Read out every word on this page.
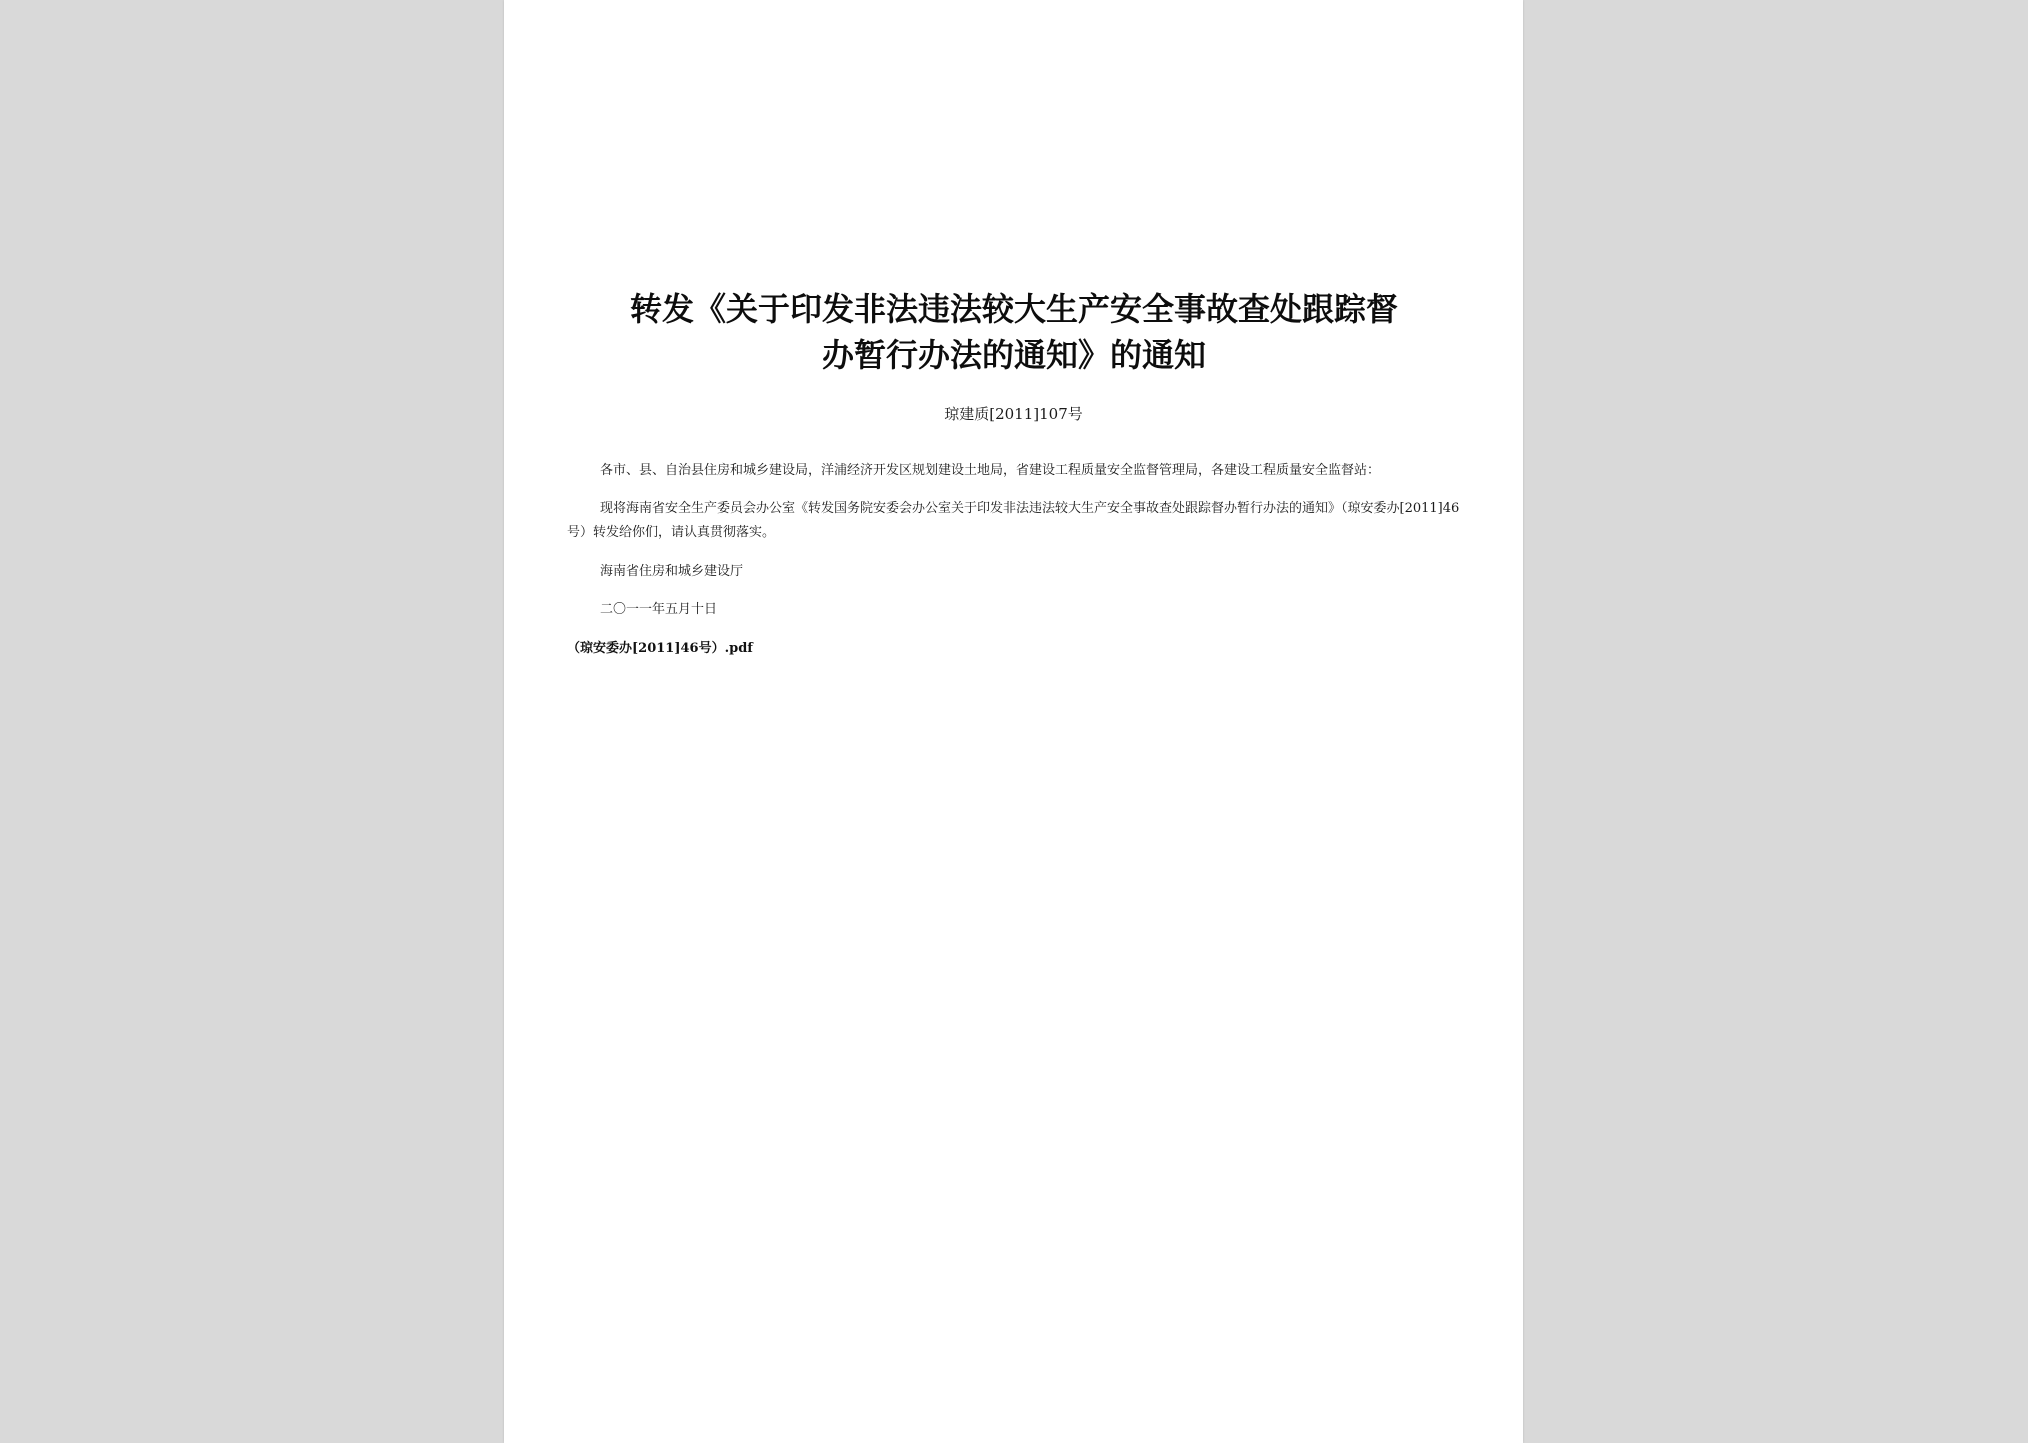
转发《关于印发非法违法较大生产安全事故查处跟踪督
办暂行办法的通知》的通知
琼建质[2011]107号

各市、县、自治县住房和城乡建设局，洋浦经济开发区规划建设土地局，省建设工程质量安全监督管理局，各建设工程质量安全监督站：

现将海南省安全生产委员会办公室《转发国务院安委会办公室关于印发非法违法较大生产安全事故查处跟踪督办暂行办法的通知》（琼安委办[2011]46号）转发给你们，请认真贯彻落实。

海南省住房和城乡建设厅

二〇一一年五月十日

（琼安委办[2011]46号）.pdf
